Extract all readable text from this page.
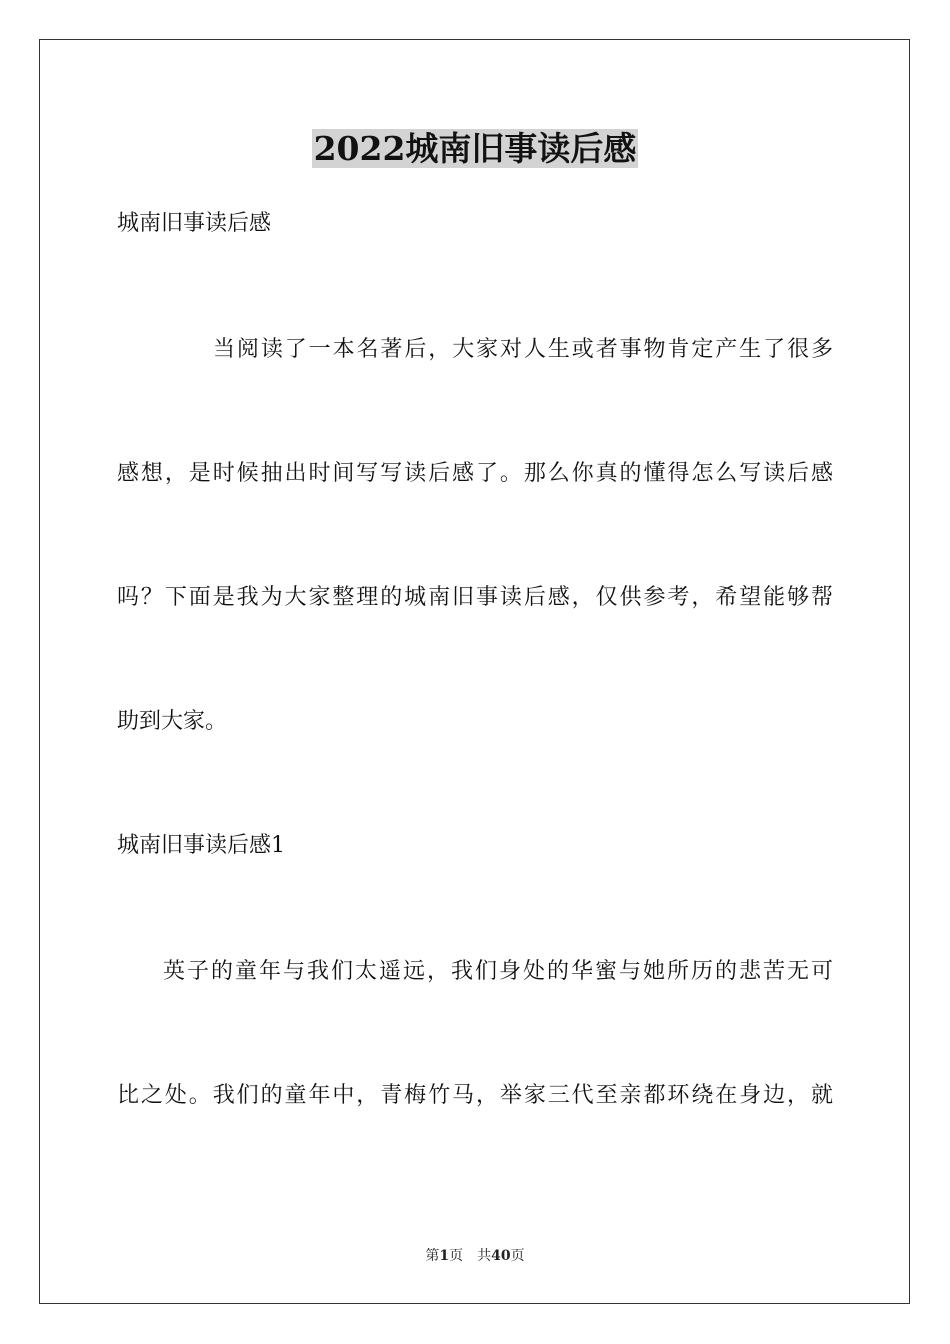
2022城南旧事读后感
城南旧事读后感
当阅读了一本名著后，大家对人生或者事物肯定产生了很多
感想，是时候抽出时间写写读后感了。那么你真的懂得怎么写读后感
吗？下面是我为大家整理的城南旧事读后感，仅供参考，希望能够帮
助到大家。
城南旧事读后感1
英子的童年与我们太遥远，我们身处的华蜜与她所历的悲苦无可
比之处。我们的童年中，青梅竹马，举家三代至亲都环绕在身边，就
第1页 共40页
